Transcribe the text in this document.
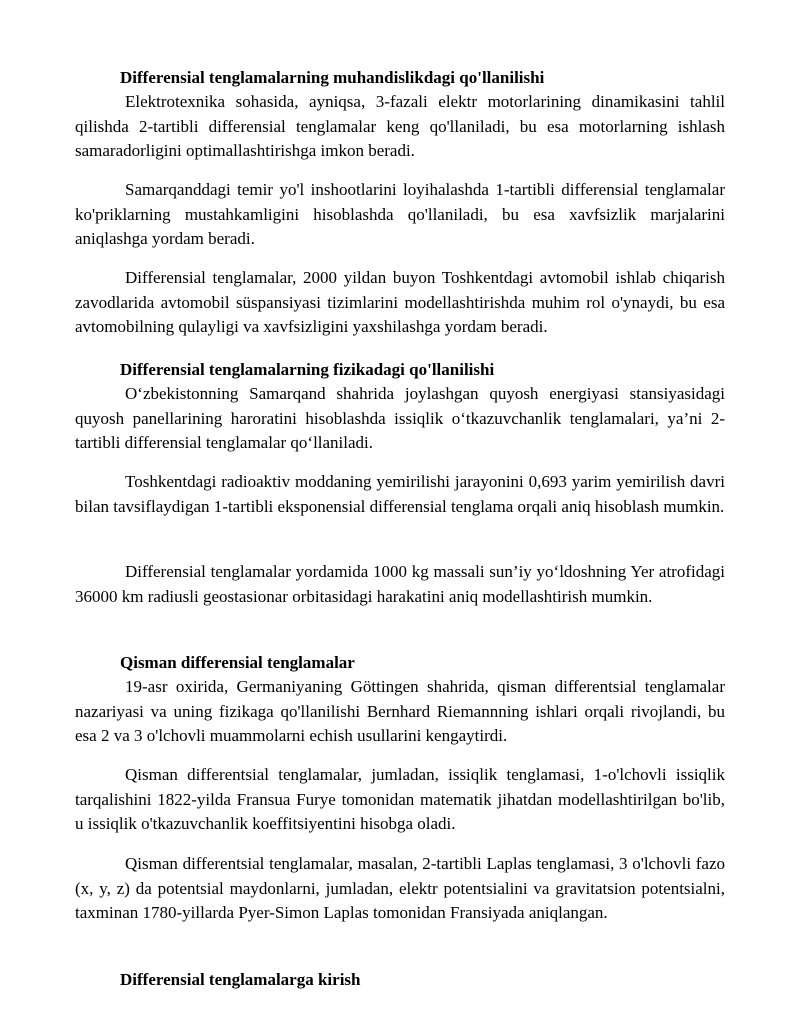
Differensial tenglamalarning muhandislikdagi qo'llanilishi

Elektrotexnika sohasida, ayniqsa, 3-fazali elektr motorlarining dinamikasini tahlil qilishda 2-tartibli differensial tenglamalar keng qo'llaniladi, bu esa motorlarning ishlash samaradorligini optimallashtirishga imkon beradi.

Samarqanddagi temir yo'l inshootlarini loyihalashda 1-tartibli differensial tenglamalar ko'priklarning mustahkamligini hisoblashda qo'llaniladi, bu esa xavfsizlik marjalarini aniqlashga yordam beradi.

Differensial tenglamalar, 2000 yildan buyon Toshkentdagi avtomobil ishlab chiqarish zavodlarida avtomobil süspansiyasi tizimlarini modellashtirishda muhim rol o'ynaydi, bu esa avtomobilning qulayligi va xavfsizligini yaxshilashga yordam beradi.

Differensial tenglamalarning fizikadagi qo'llanilishi

O‘zbekistonning Samarqand shahrida joylashgan quyosh energiyasi stansiyasidagi quyosh panellarining haroratini hisoblashda issiqlik o‘tkazuvchanlik tenglamalari, ya’ni 2-tartibli differensial tenglamalar qo‘llaniladi.

Toshkentdagi radioaktiv moddaning yemirilishi jarayonini 0,693 yarim yemirilish davri bilan tavsiflaydigan 1-tartibli eksponensial differensial tenglama orqali aniq hisoblash mumkin.

Differensial tenglamalar yordamida 1000 kg massali sun’iy yo‘ldoshning Yer atrofidagi 36000 km radiusli geostasionar orbitasidagi harakatini aniq modellashtirish mumkin.

Qisman differensial tenglamalar

19-asr oxirida, Germaniyaning Göttingen shahrida, qisman differentsial tenglamalar nazariyasi va uning fizikaga qo'llanilishi Bernhard Riemannning ishlari orqali rivojlandi, bu esa 2 va 3 o'lchovli muammolarni echish usullarini kengaytirdi.

Qisman differentsial tenglamalar, jumladan, issiqlik tenglamasi, 1-o'lchovli issiqlik tarqalishini 1822-yilda Fransua Furye tomonidan matematik jihatdan modellashtirilgan bo'lib, u issiqlik o'tkazuvchanlik koeffitsiyentini hisobga oladi.

Qisman differentsial tenglamalar, masalan, 2-tartibli Laplas tenglamasi, 3 o'lchovli fazo (x, y, z) da potentsial maydonlarni, jumladan, elektr potentsialini va gravitatsion potentsialni, taxminan 1780-yillarda Pyer-Simon Laplas tomonidan Fransiyada aniqlangan.

Differensial tenglamalarga kirish
